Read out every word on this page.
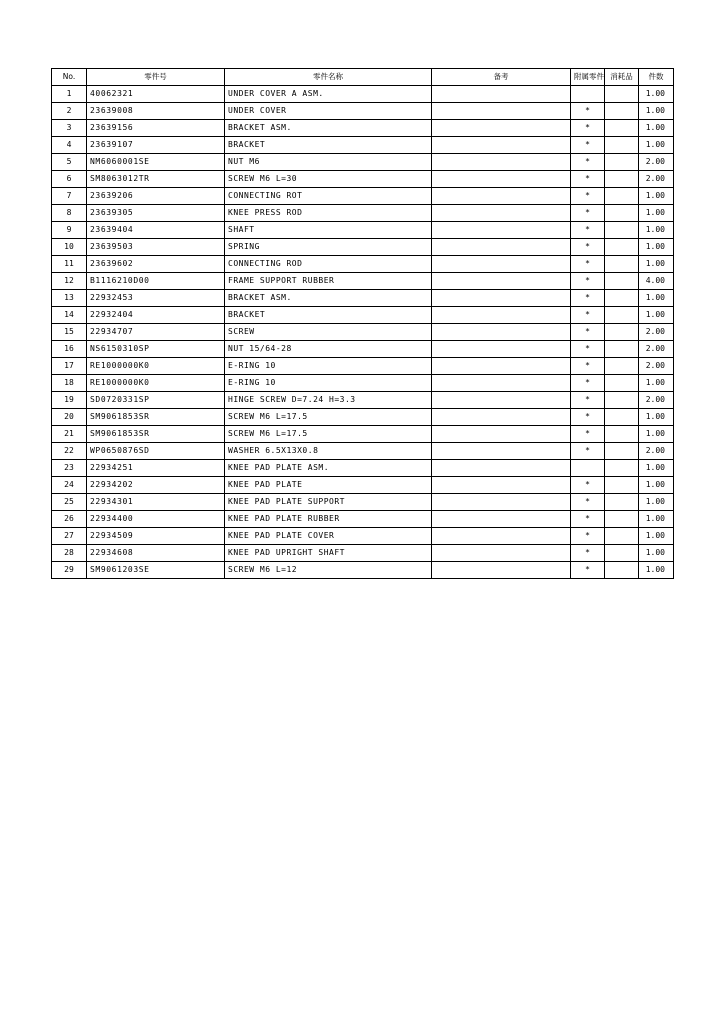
No.	零件号	零件名称	备考	附属零件	消耗品	件数
1	40062321	UNDER COVER A ASM.				1.00
2	23639008	UNDER COVER		*		1.00
3	23639156	BRACKET ASM.		*		1.00
4	23639107	BRACKET		*		1.00
5	NM6060001SE	NUT M6		*		2.00
6	SM8063012TR	SCREW M6 L=30		*		2.00
7	23639206	CONNECTING ROT		*		1.00
8	23639305	KNEE PRESS ROD		*		1.00
9	23639404	SHAFT		*		1.00
10	23639503	SPRING		*		1.00
11	23639602	CONNECTING ROD		*		1.00
12	B1116210D00	FRAME SUPPORT RUBBER		*		4.00
13	22932453	BRACKET ASM.		*		1.00
14	22932404	BRACKET		*		1.00
15	22934707	SCREW		*		2.00
16	NS6150310SP	NUT 15/64-28		*		2.00
17	RE1000000K0	E-RING 10		*		2.00
18	RE1000000K0	E-RING 10		*		1.00
19	SD0720331SP	HINGE SCREW D=7.24 H=3.3		*		2.00
20	SM9061853SR	SCREW M6 L=17.5		*		1.00
21	SM9061853SR	SCREW M6 L=17.5		*		1.00
22	WP0650876SD	WASHER 6.5X13X0.8		*		2.00
23	22934251	KNEE PAD PLATE ASM.				1.00
24	22934202	KNEE PAD PLATE		*		1.00
25	22934301	KNEE PAD PLATE SUPPORT		*		1.00
26	22934400	KNEE PAD PLATE RUBBER		*		1.00
27	22934509	KNEE PAD PLATE COVER		*		1.00
28	22934608	KNEE PAD UPRIGHT SHAFT		*		1.00
29	SM9061203SE	SCREW M6 L=12		*		1.00
